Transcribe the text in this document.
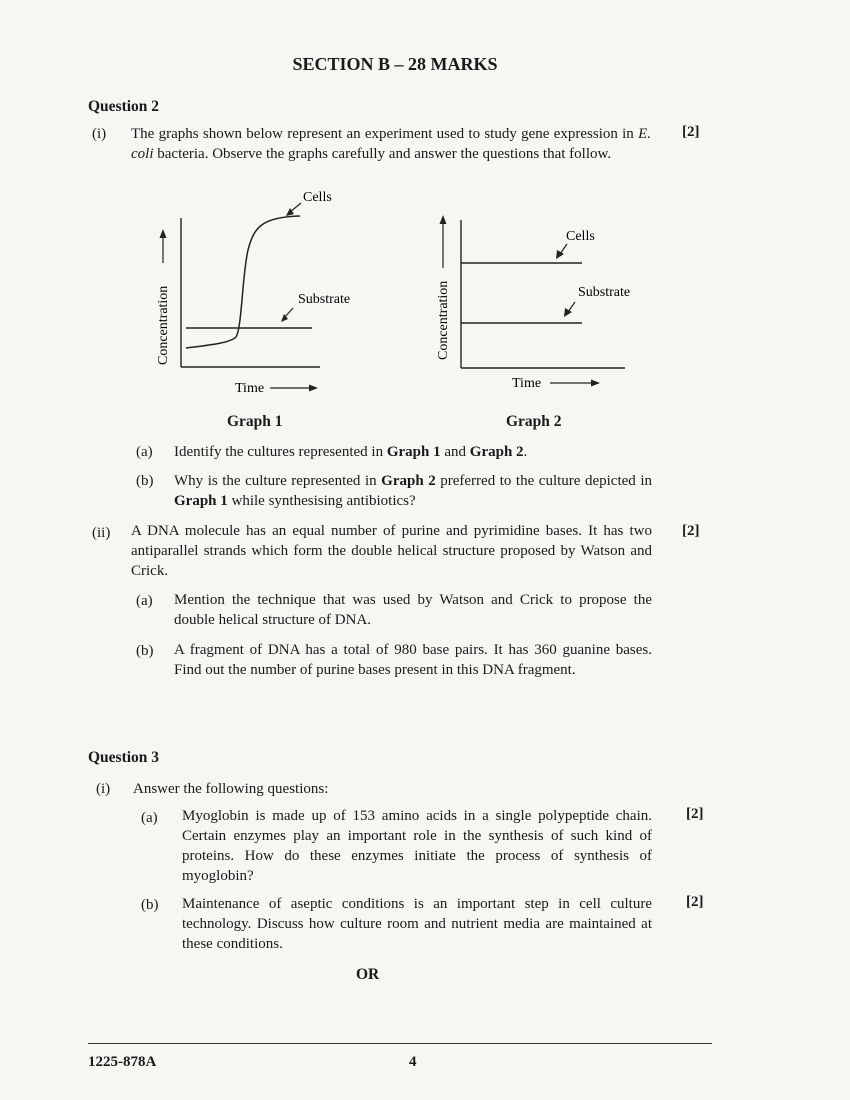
SECTION B – 28 MARKS
Question 2
(i) The graphs shown below represent an experiment used to study gene expression in E. coli bacteria. Observe the graphs carefully and answer the questions that follow.
[2]
Concentration
Cells
Substrate
Time
Graph 1
Concentration
Cells
Substrate
Time
Graph 2
(a) Identify the cultures represented in Graph 1 and Graph 2.
(b) Why is the culture represented in Graph 2 preferred to the culture depicted in Graph 1 while synthesising antibiotics?
(ii) A DNA molecule has an equal number of purine and pyrimidine bases. It has two antiparallel strands which form the double helical structure proposed by Watson and Crick.
[2]
(a) Mention the technique that was used by Watson and Crick to propose the double helical structure of DNA.
(b) A fragment of DNA has a total of 980 base pairs. It has 360 guanine bases. Find out the number of purine bases present in this DNA fragment.
Question 3
(i) Answer the following questions:
(a) Myoglobin is made up of 153 amino acids in a single polypeptide chain. Certain enzymes play an important role in the synthesis of such kind of proteins. How do these enzymes initiate the process of synthesis of myoglobin?
[2]
(b) Maintenance of aseptic conditions is an important step in cell culture technology. Discuss how culture room and nutrient media are maintained at these conditions.
[2]
OR
1225-878A	4
